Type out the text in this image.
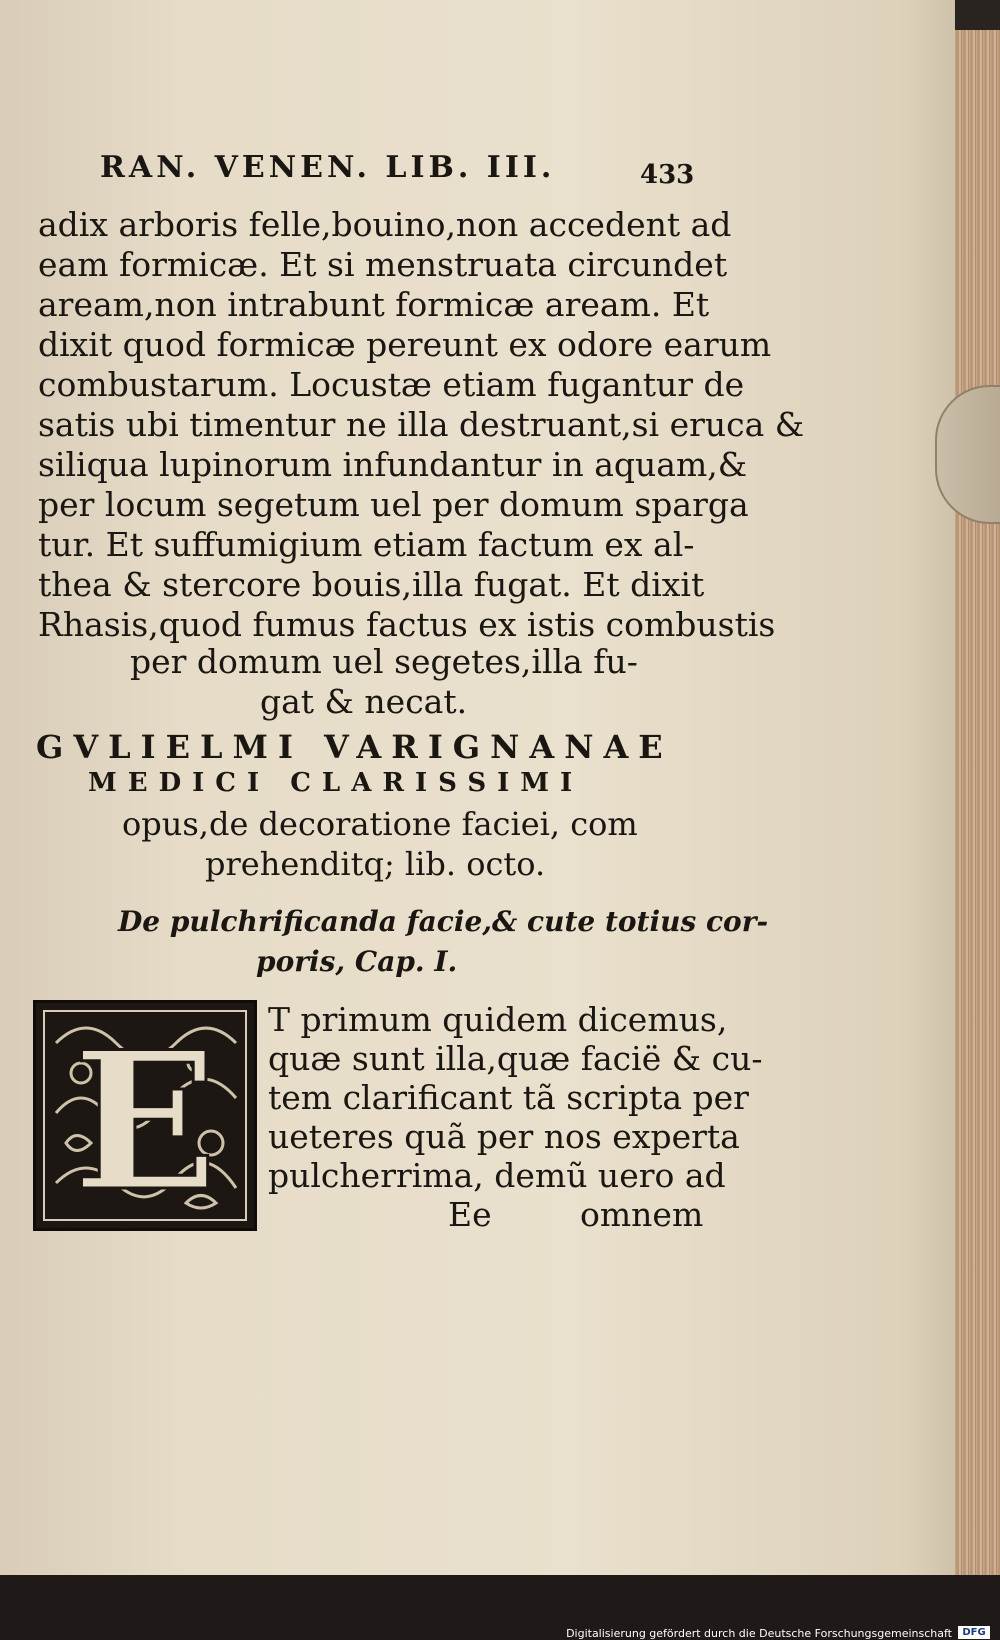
RAN. VENEN. LIB. III.	433
adix arboris felle,bouino,non accedent ad
eam formicæ. Et si menstruata circundet
aream,non intrabunt formicæ aream. Et
dixit quod formicæ pereunt ex odore earum
combustarum. Locustæ etiam fugantur de
satis ubi timentur ne illa destruant,si eruca &
siliqua lupinorum infundantur in aquam,&
per locum segetum uel per domum sparga
tur. Et suffumigium etiam factum ex al-
thea & stercore bouis,illa fugat. Et dixit
Rhasis,quod fumus factus ex istis combustis
per domum uel segetes,illa fu-
gat & necat.
GVLIELMI VARIGNANAE
MEDICI CLARISSIMI
opus,de decoratione faciei, com
prehenditq; lib. octo.
De pulchrificanda facie,& cute totius cor-
poris, Cap. I.
E T primum quidem dicemus,
quæ sunt illa,quæ facië & cu-
tem clarificant tã scripta per
ueteres quã per nos experta
pulcherrima, demũ uero ad
Ee	omnem
Digitalisierung gefördert durch die Deutsche Forschungsgemeinschaft	DFG
